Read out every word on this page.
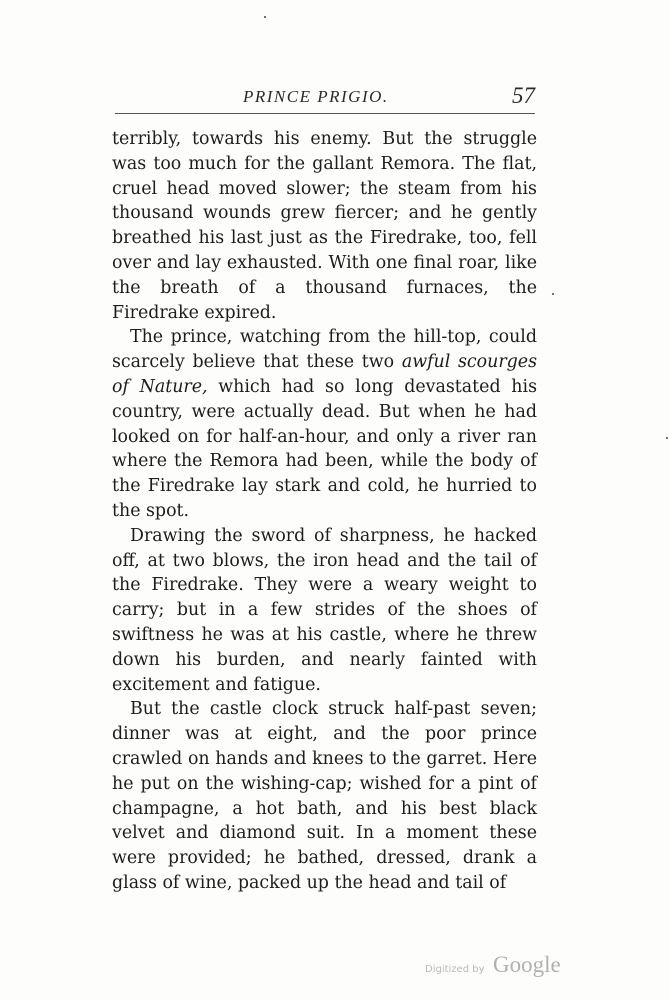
PRINCE PRIGIO.	57

terribly, towards his enemy. But the struggle was too much for the gallant Remora. The flat, cruel head moved slower; the steam from his thousand wounds grew fiercer; and he gently breathed his last just as the Firedrake, too, fell over and lay exhausted. With one final roar, like the breath of a thousand furnaces, the Firedrake expired.

The prince, watching from the hill-top, could scarcely believe that these two awful scourges of Nature, which had so long devastated his country, were actually dead. But when he had looked on for half-an-hour, and only a river ran where the Remora had been, while the body of the Firedrake lay stark and cold, he hurried to the spot.

Drawing the sword of sharpness, he hacked off, at two blows, the iron head and the tail of the Firedrake. They were a weary weight to carry; but in a few strides of the shoes of swiftness he was at his castle, where he threw down his burden, and nearly fainted with excitement and fatigue.

But the castle clock struck half-past seven; dinner was at eight, and the poor prince crawled on hands and knees to the garret. Here he put on the wishing-cap; wished for a pint of champagne, a hot bath, and his best black velvet and diamond suit. In a moment these were provided; he bathed, dressed, drank a glass of wine, packed up the head and tail of

Digitized by Google
